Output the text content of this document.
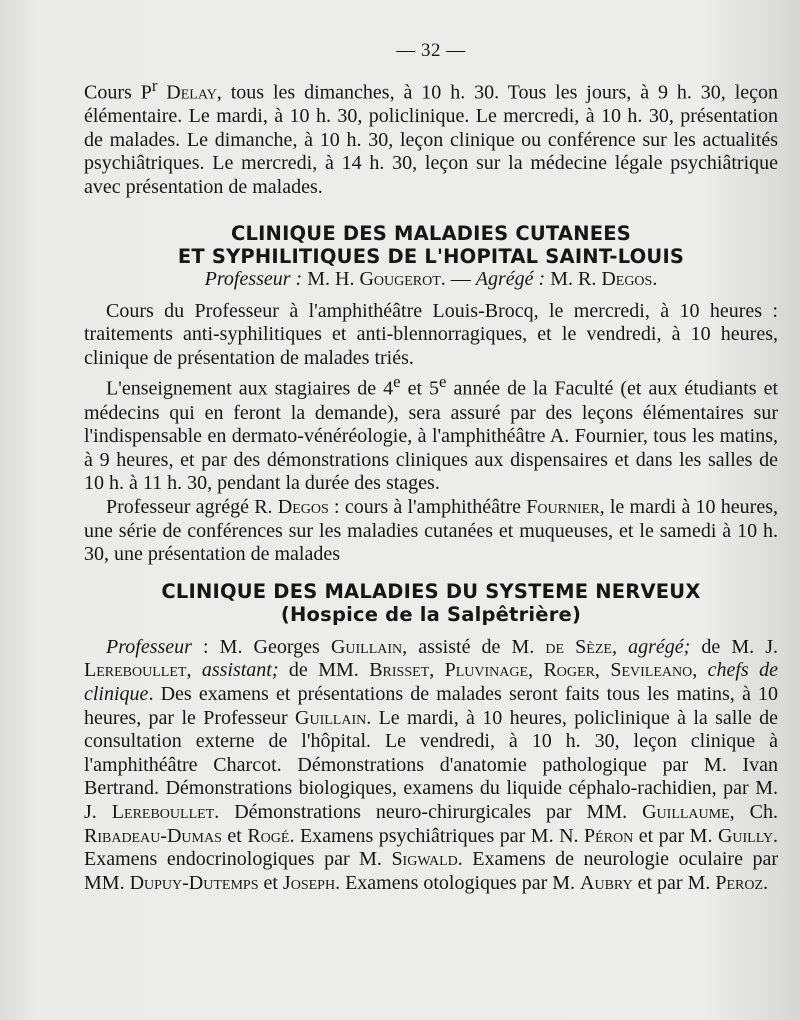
— 32 —

Cours $P^r$ Delay, tous les dimanches, à 10 h. 30. Tous les jours, à 9 h. 30, leçon élémentaire. Le mardi, à 10 h. 30, policlinique. Le mercredi, à 10 h. 30, présentation de malades. Le dimanche, à 10 h. 30, leçon clinique ou conférence sur les actualités psychiâtriques. Le mercredi, à 14 h. 30, leçon sur la médecine légale psychiâtrique avec présentation de malades.

CLINIQUE DES MALADIES CUTANEES
ET SYPHILITIQUES DE L'HOPITAL SAINT-LOUIS
Professeur : M. H. Gougerot. — Agrégé : M. R. Degos.

Cours du Professeur à l'amphithéâtre Louis-Brocq, le mercredi, à 10 heures : traitements anti-syphilitiques et anti-blennorragiques, et le vendredi, à 10 heures, clinique de présentation de malades triés.

L'enseignement aux stagiaires de 4e et 5e année de la Faculté (et aux étudiants et médecins qui en feront la demande), sera assuré par des leçons élémentaires sur l'indispensable en dermato-vénéréologie, à l'amphithéâtre A. Fournier, tous les matins, à 9 heures, et par des démonstrations cliniques aux dispensaires et dans les salles de 10 h. à 11 h. 30, pendant la durée des stages.

Professeur agrégé R. Degos : cours à l'amphithéâtre Fournier, le mardi à 10 heures, une série de conférences sur les maladies cutanées et muqueuses, et le samedi à 10 h. 30, une présentation de malades

CLINIQUE DES MALADIES DU SYSTEME NERVEUX
(Hospice de la Salpêtrière)

Professeur : M. Georges Guillain, assisté de M. de Sèze, agrégé; de M. J. Lereboullet, assistant; de MM. Brisset, Pluvinage, Roger, Sevileano, chefs de clinique. Des examens et présentations de malades seront faits tous les matins, à 10 heures, par le Professeur Guillain. Le mardi, à 10 heures, policlinique à la salle de consultation externe de l'hôpital. Le vendredi, à 10 h. 30, leçon clinique à l'amphithéâtre Charcot. Démonstrations d'anatomie pathologique par M. Ivan Bertrand. Démonstrations biologiques, examens du liquide céphalo-rachidien, par M. J. Lereboullet. Démonstrations neuro-chirurgicales par MM. Guillaume, Ch. Ribadeau-Dumas et Rogé. Examens psychiâtriques par M. N. Péron et par M. Guilly. Examens endocrinologiques par M. Sigwald. Examens de neurologie oculaire par MM. Dupuy-Dutemps et Joseph. Examens otologiques par M. Aubry et par M. Peroz.
